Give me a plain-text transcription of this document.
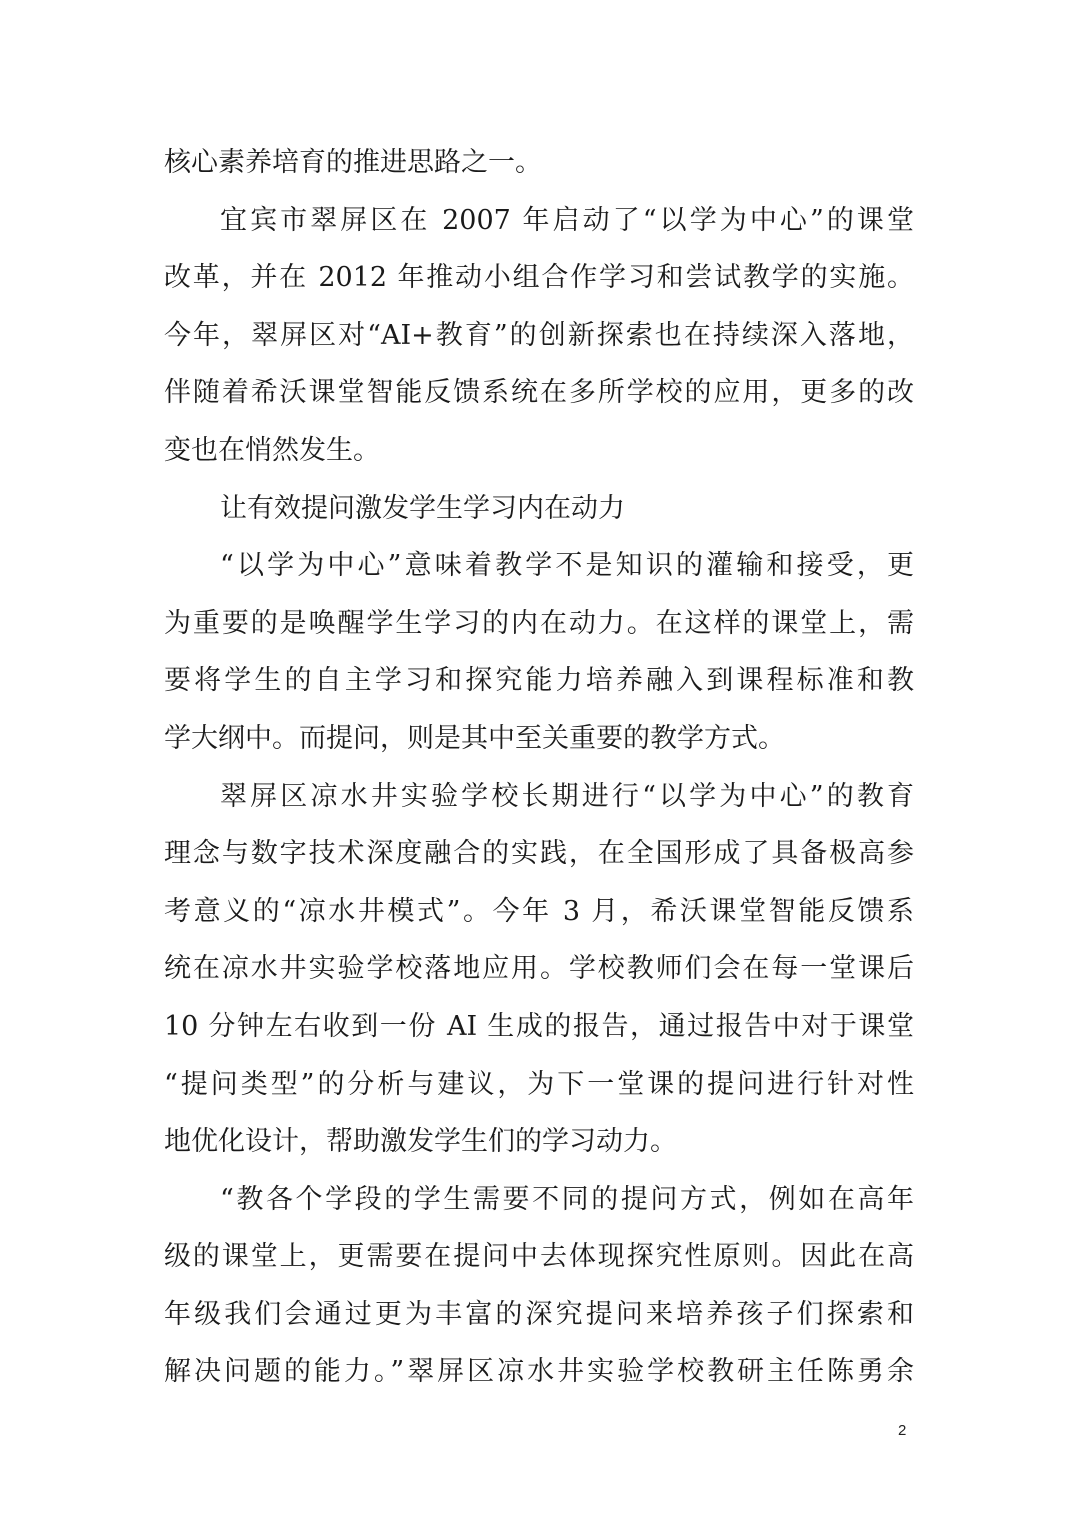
核心素养培育的推进思路之一。
宜宾市翠屏区在 2007 年启动了“以学为中心”的课堂
改革，并在 2012 年推动小组合作学习和尝试教学的实施。
今年，翠屏区对“AI+教育”的创新探索也在持续深入落地，
伴随着希沃课堂智能反馈系统在多所学校的应用，更多的改
变也在悄然发生。
让有效提问激发学生学习内在动力
“以学为中心”意味着教学不是知识的灌输和接受，更
为重要的是唤醒学生学习的内在动力。在这样的课堂上，需
要将学生的自主学习和探究能力培养融入到课程标准和教
学大纲中。而提问，则是其中至关重要的教学方式。
翠屏区凉水井实验学校长期进行“以学为中心”的教育
理念与数字技术深度融合的实践，在全国形成了具备极高参
考意义的“凉水井模式”。今年 3 月，希沃课堂智能反馈系
统在凉水井实验学校落地应用。学校教师们会在每一堂课后
10 分钟左右收到一份 AI 生成的报告，通过报告中对于课堂
“提问类型”的分析与建议，为下一堂课的提问进行针对性
地优化设计，帮助激发学生们的学习动力。
“教各个学段的学生需要不同的提问方式，例如在高年
级的课堂上，更需要在提问中去体现探究性原则。因此在高
年级我们会通过更为丰富的深究提问来培养孩子们探索和
解决问题的能力。”翠屏区凉水井实验学校教研主任陈勇余
2
